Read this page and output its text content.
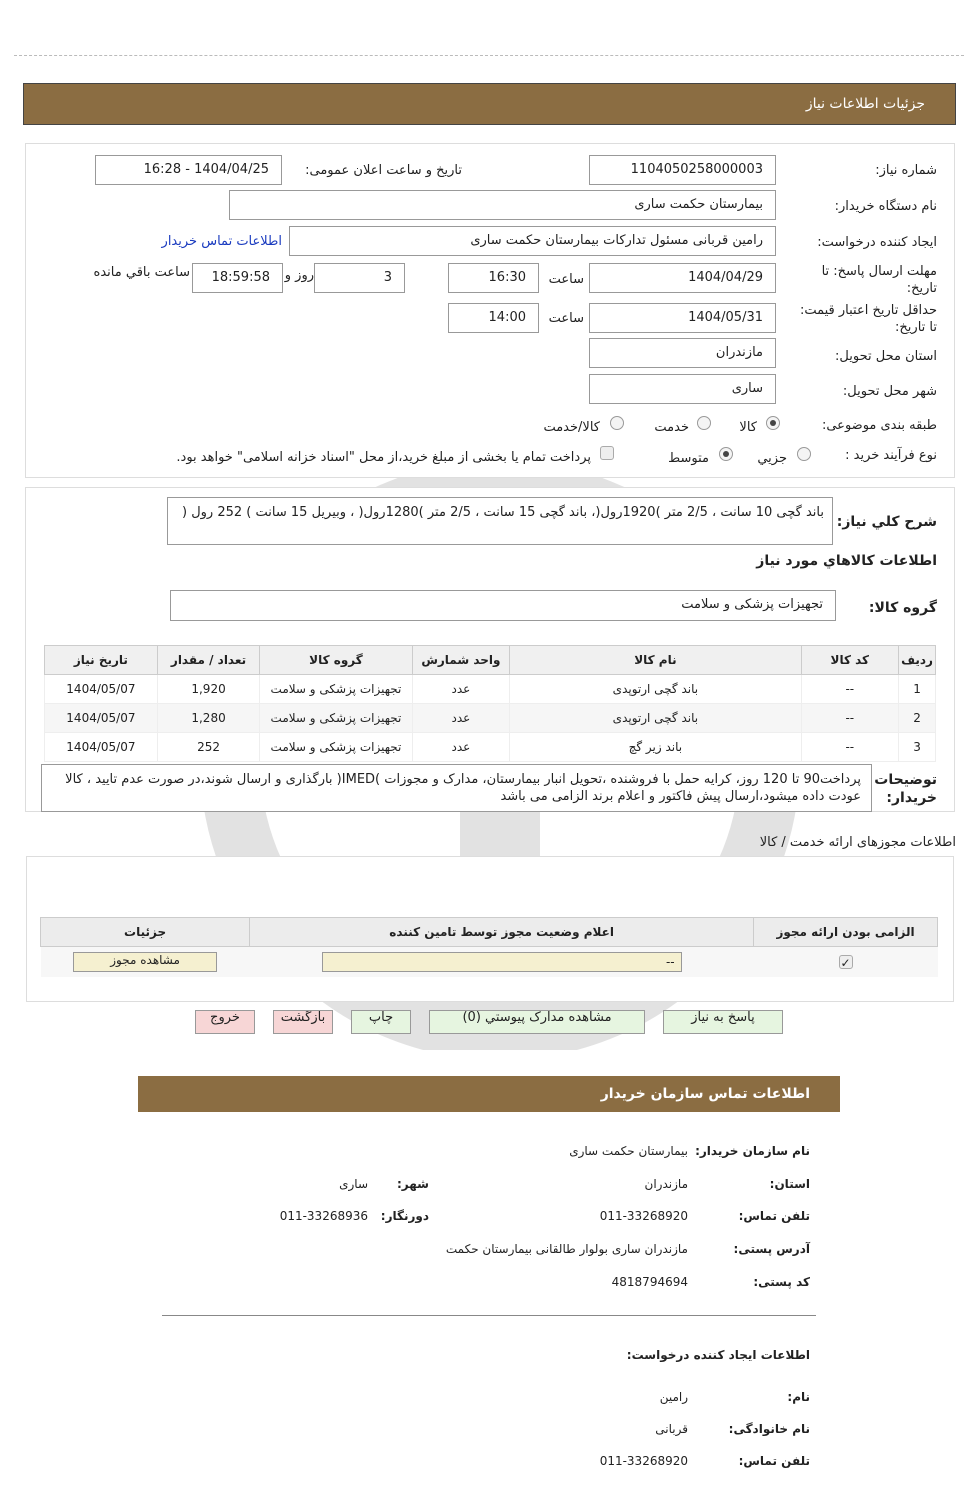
جزئیات اطلاعات نیاز
شماره نیاز:
1104050258000003
تاریخ و ساعت اعلان عمومی:
1404/04/25 - 16:28
نام دستگاه خریدار:
بیمارستان حکمت ساری
ایجاد کننده درخواست:
رامین قربانی مسئول تدارکات بیمارستان حکمت ساری
اطلاعات تماس خریدار
مهلت ارسال پاسخ: تا تاریخ:
1404/04/29
ساعت
16:30
3
روز و
18:59:58
ساعت باقي مانده
حداقل تاریخ اعتبار قیمت: تا تاریخ:
1404/05/31
ساعت
14:00
استان محل تحویل:
مازندران
شهر محل تحویل:
ساری
طبقه بندی موضوعی:
کالا
خدمت
کالا/خدمت
نوع فرآیند خرید :
جزیي
متوسط
پرداخت تمام یا بخشی از مبلغ خرید،از محل "اسناد خزانه اسلامی" خواهد بود.
شرح کلي نیاز:
باند گچی 10 سانت ، 2/5 متر )1920رول(، باند گچی 15 سانت ، 2/5 متر )1280رول( ، وبیریل 15 سانت ) 252 رول (
اطلاعات کالاهاي مورد نیاز
گروه کالا:
تجهیزات پزشکی و سلامت
ردیف	کد کالا	نام کالا	واحد شمارش	گروه کالا	تعداد / مقدار	تاریخ نیاز
1	--	باند گچی ارتوپدی	عدد	تجهیزات پزشکی و سلامت	1,920	1404/05/07
2	--	باند گچی ارتوپدی	عدد	تجهیزات پزشکی و سلامت	1,280	1404/05/07
3	--	باند زیر گچ	عدد	تجهیزات پزشکی و سلامت	252	1404/05/07
توضیحات خریدار:
پرداخت90 تا 120 روز، کرایه حمل با فروشنده ،تحویل انبار بیمارستان، مدارک و مجوزات )IMED( بارگذاری و ارسال شوند،در صورت عدم تایید ، کالا عودت داده میشود،ارسال پیش فاکتور و اعلام برند الزامی می باشد
اطلاعات مجوزهای ارائه خدمت / کالا
الزامی بودن ارائه مجوز	اعلام وضعیت مجوز توسط تامین کننده	جزئیات
✓	--	مشاهده مجوز
پاسخ به نیاز
مشاهده مدارک پیوستي (0)
چاپ
بازگشت
خروج
اطلاعات تماس سازمان خریدار
نام سازمان خریدار:
بیمارستان حکمت ساری
استان:
مازندران
شهر:
ساری
تلفن تماس:
011-33268920
دورنگار:
011-33268936
آدرس پستی:
مازندران ساری بولوار طالقانی بیمارستان حکمت
کد پستی:
4818794694
اطلاعات ایجاد کننده درخواست:
نام:
رامین
نام خانوادگی:
قربانی
تلفن تماس:
011-33268920
